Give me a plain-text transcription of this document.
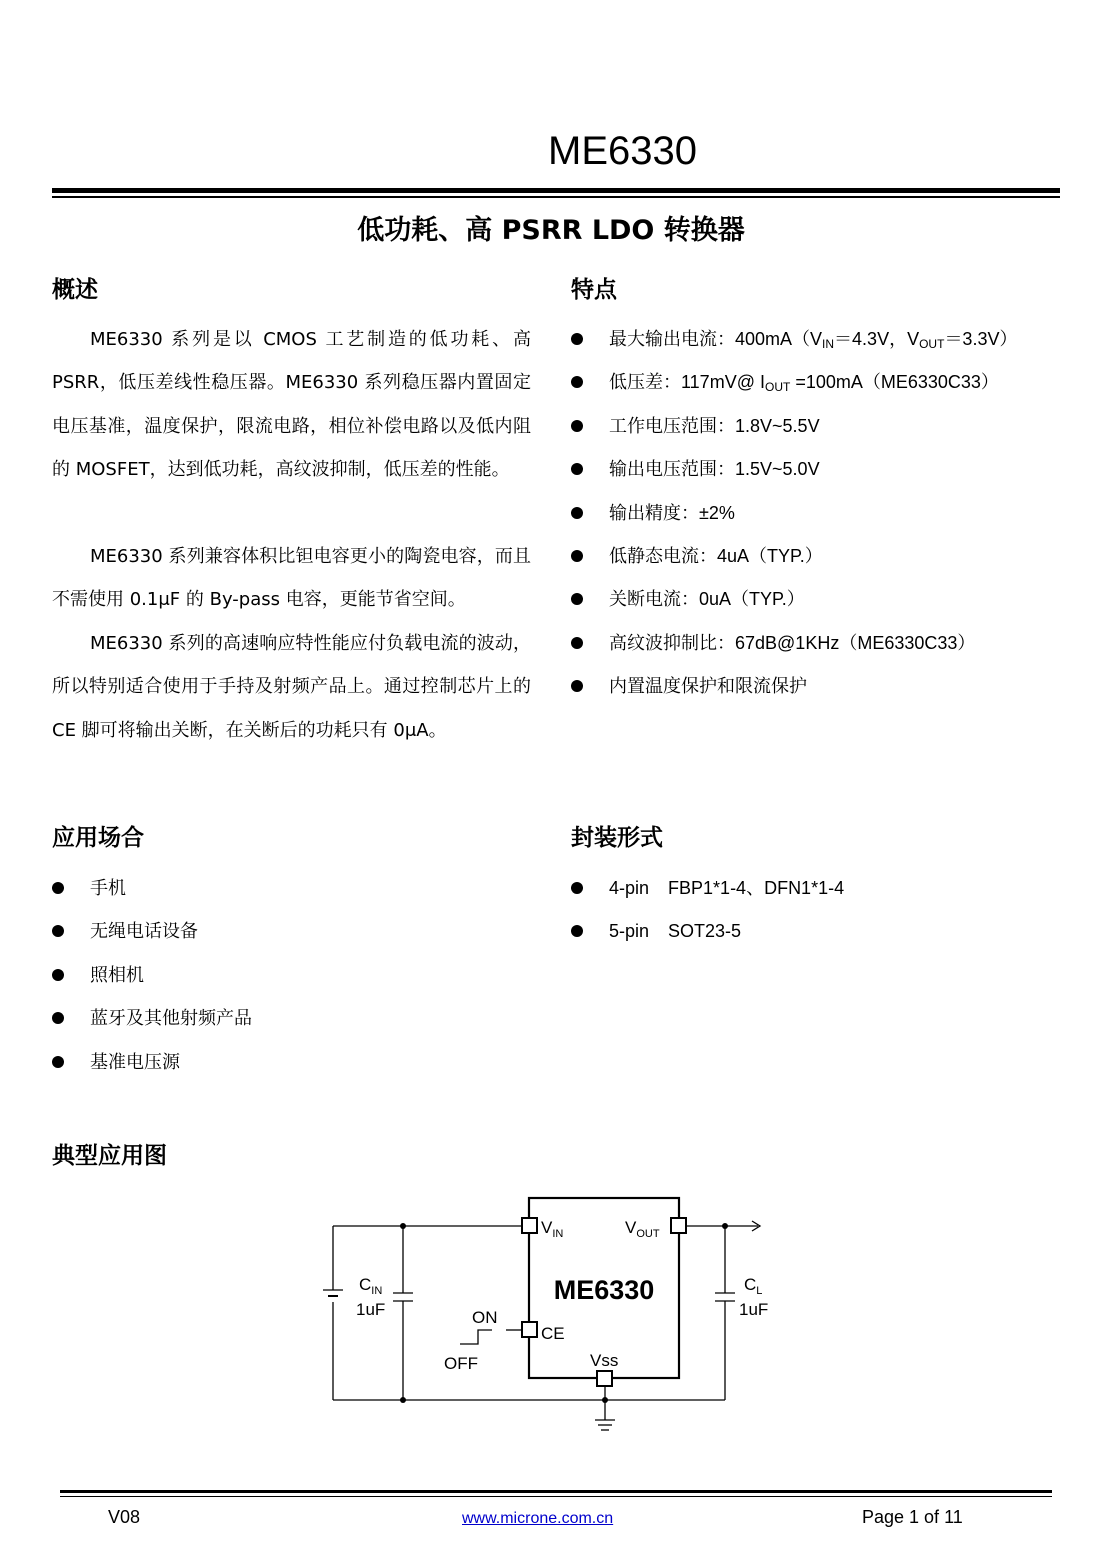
ME6330
低功耗、高 PSRR LDO 转换器
概述

ME6330 系列是以 CMOS 工艺制造的低功耗、高 PSRR，低压差线性稳压器。ME6330 系列稳压器内置固定电压基准，温度保护，限流电路，相位补偿电路以及低内阻的 MOSFET，达到低功耗，高纹波抑制，低压差的性能。

ME6330 系列兼容体积比钽电容更小的陶瓷电容，而且不需使用 0.1μF 的 By-pass 电容，更能节省空间。

ME6330 系列的高速响应特性能应付负载电流的波动，所以特别适合使用于手持及射频产品上。通过控制芯片上的 CE 脚可将输出关断，在关断后的功耗只有 0μA。

特点
最大输出电流：$400mA(V_{IN}=4.3V$，$V_{OUT}=3.3V$）
低压差：117mV@ $I_{OUT} =100mA(ME6330C33)$
工作电压范围：1.8V~5.5V
输出电压范围：1.5V~5.0V
输出精度：±2%
低静态电流：4uA（TYP.）
关断电流：0uA（TYP.）
高纹波抑制比：67dB@1KHz（ME6330C33）
内置温度保护和限流保护
应用场合
手机
无绳电话设备
照相机
蓝牙及其他射频产品
基准电压源
封装形式
4-pin FBP1*1-4、DFN1*1-4
5-pin SOT23-5
典型应用图
$V_{IN}$	$V_{OUT}$
ME6330
CE
Vss
ON
OFF
$C_{IN}$
1uF
$C_L$
1uF
V08	www.microne.com.cn	Page 1 of 11
